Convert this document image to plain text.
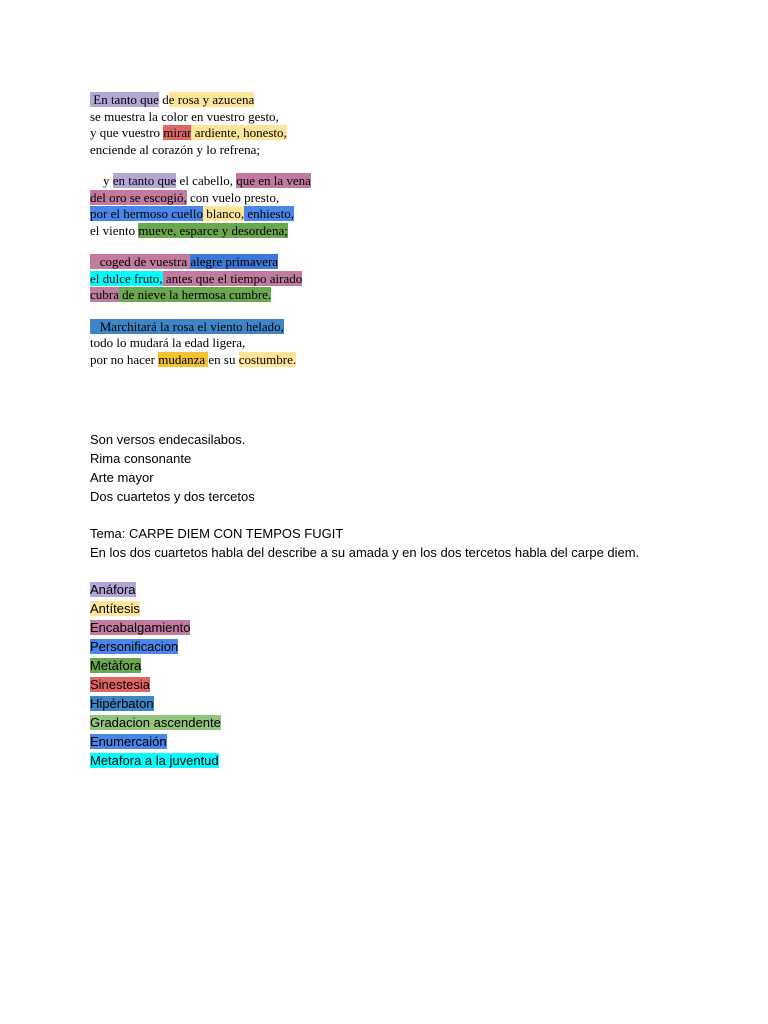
En tanto que de rosa y azucena
se muestra la color en vuestro gesto,
y que vuestro mirar ardiente, honesto,
enciende al corazón y lo refrena;
y en tanto que el cabello, que en la vena
del oro se escogió, con vuelo presto,
por el hermoso cuello blanco, enhiesto,
el viento mueve, esparce y desordena;
coged de vuestra alegre primavera
el dulce fruto, antes que el tiempo airado
cubra de nieve la hermosa cumbre.
Marchitará la rosa el viento helado,
todo lo mudará la edad ligera,
por no hacer mudanza en su costumbre.
Son versos endecasilabos.
Rima consonante
Arte mayor
Dos cuartetos y dos tercetos
Tema: CARPE DIEM CON TEMPOS FUGIT
En los dos cuartetos habla del describe a su amada y en los dos tercetos habla del carpe diem.
Anáfora
Antítesis
Encabalgamiento
Personificacion
Metàfora
Sinestesia
Hipérbaton
Gradacion ascendente
Enumercaión
Metafora a la juventud
